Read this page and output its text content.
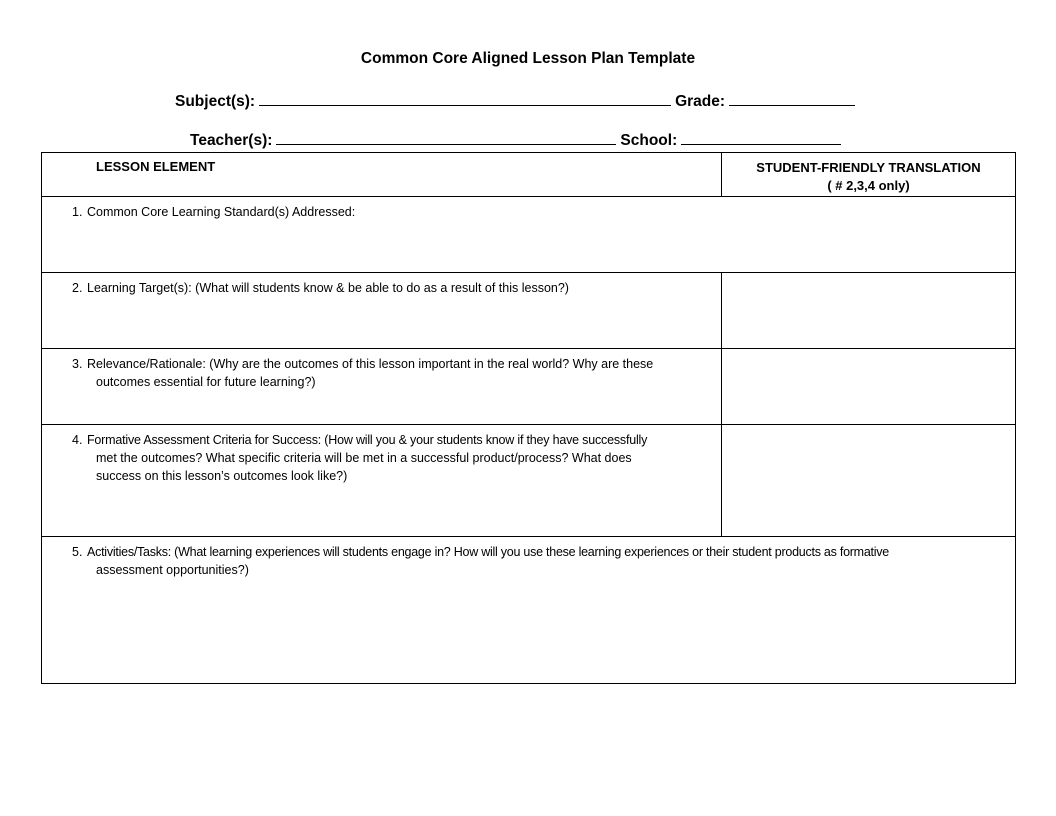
Common Core Aligned Lesson Plan Template
Subject(s):	Grade:
Teacher(s):	School:
LESSON ELEMENT	STUDENT-FRIENDLY TRANSLATION
( # 2,3,4 only)
1. Common Core Learning Standard(s) Addressed:
2. Learning Target(s): (What will students know & be able to do as a result of this lesson?)
3. Relevance/Rationale: (Why are the outcomes of this lesson important in the real world? Why are these
outcomes essential for future learning?)
4. Formative Assessment Criteria for Success: (How will you & your students know if they have successfully
met the outcomes? What specific criteria will be met in a successful product/process? What does
success on this lesson’s outcomes look like?)
5. Activities/Tasks: (What learning experiences will students engage in? How will you use these learning experiences or their student products as formative
assessment opportunities?)
